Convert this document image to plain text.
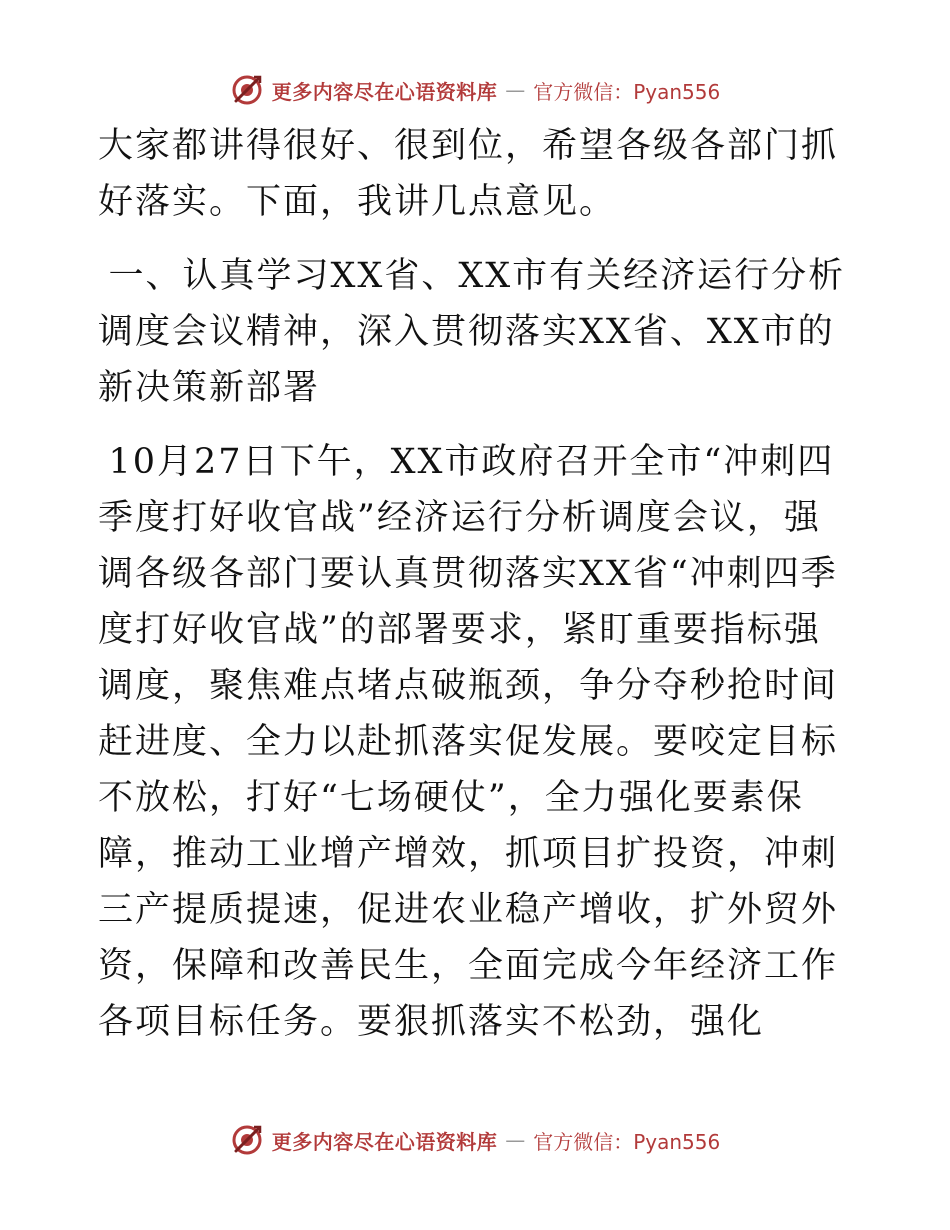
更多内容尽在心语资料库 — 官方微信：Pyan556

大家都讲得很好、很到位，希望各级各部门抓好落实。下面，我讲几点意见。

一、认真学习XX省、XX市有关经济运行分析调度会议精神，深入贯彻落实XX省、XX市的新决策新部署

10月27日下午，XX市政府召开全市“冲刺四季度打好收官战”经济运行分析调度会议，强调各级各部门要认真贯彻落实XX省“冲刺四季度打好收官战”的部署要求，紧盯重要指标强调度，聚焦难点堵点破瓶颈，争分夺秒抢时间赶进度、全力以赴抓落实促发展。要咬定目标不放松，打好“七场硬仗”，全力强化要素保障，推动工业增产增效，抓项目扩投资，冲刺三产提质提速，促进农业稳产增收，扩外贸外资，保障和改善民生，全面完成今年经济工作各项目标任务。要狠抓落实不松劲，强化

更多内容尽在心语资料库 — 官方微信：Pyan556
